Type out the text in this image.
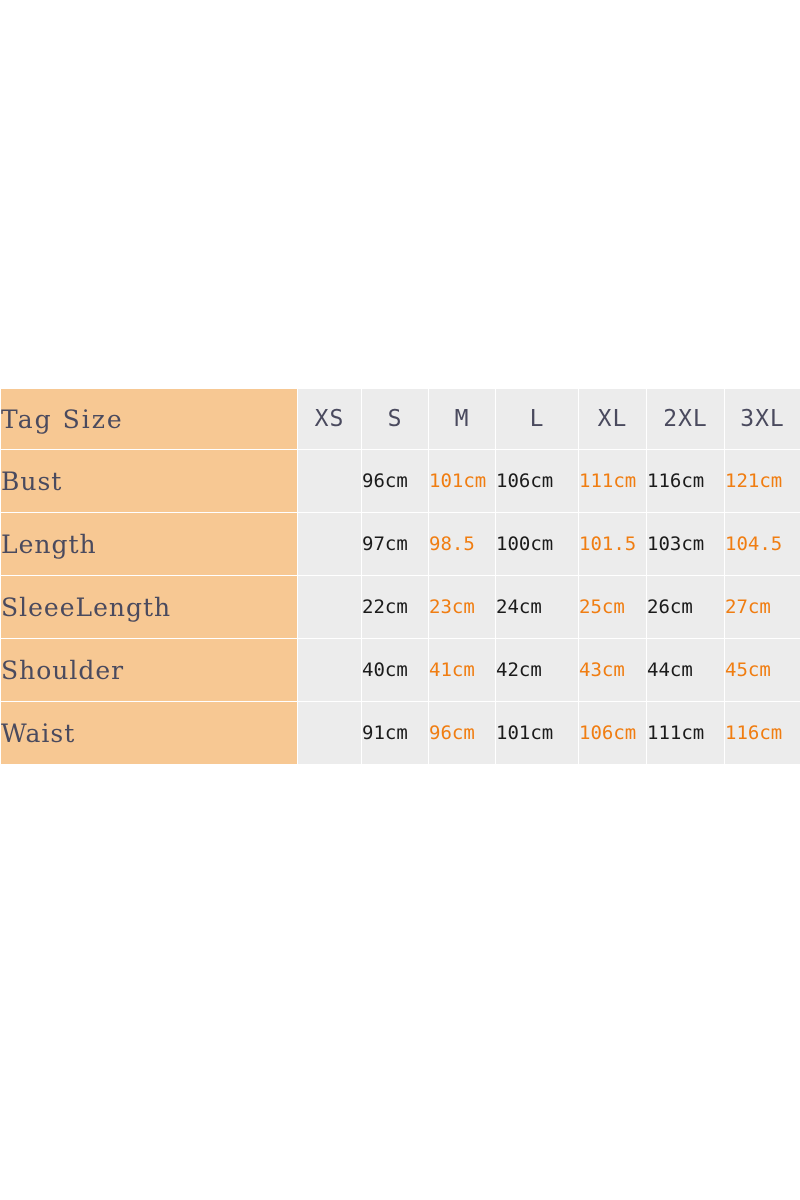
Tag Size	XS	S	M	L	XL	2XL	3XL
Bust		96cm	101cm	106cm	111cm	116cm	121cm
Length		97cm	98.5	100cm	101.5	103cm	104.5
SleeeLength		22cm	23cm	24cm	25cm	26cm	27cm
Shoulder		40cm	41cm	42cm	43cm	44cm	45cm
Waist		91cm	96cm	101cm	106cm	111cm	116cm
